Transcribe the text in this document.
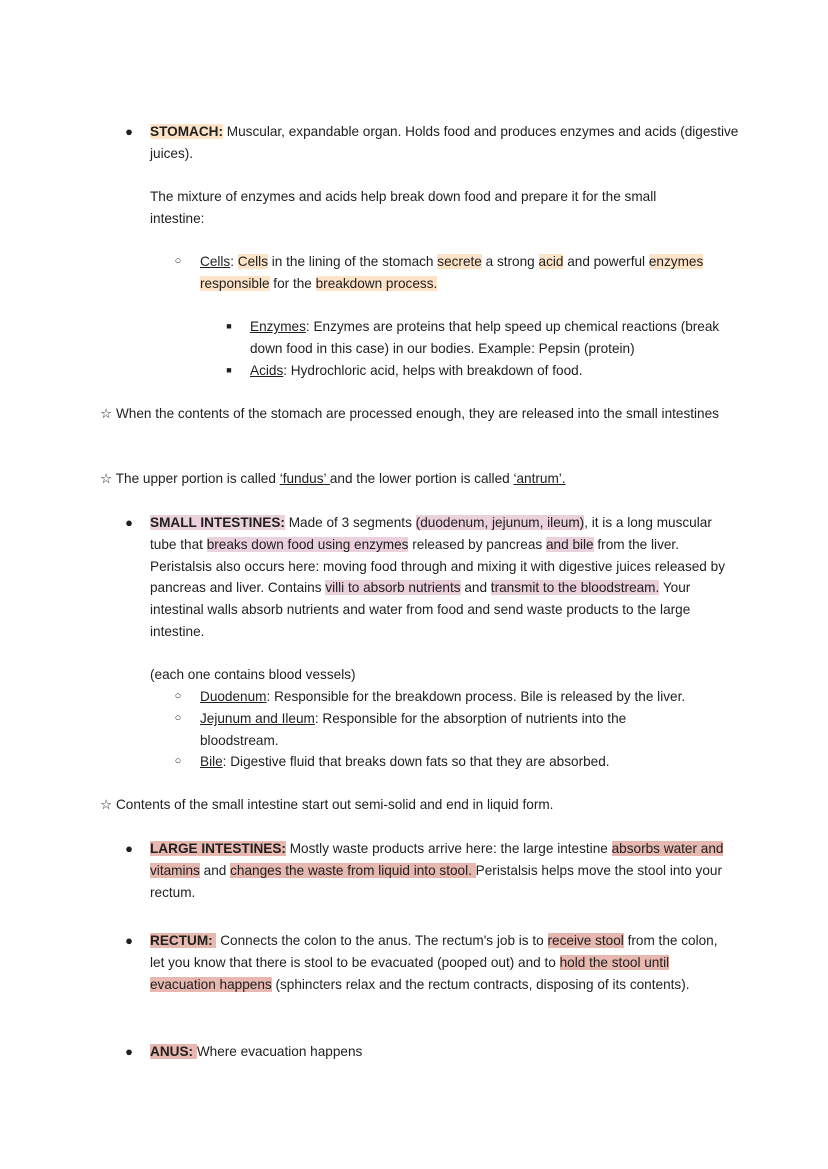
● STOMACH: Muscular, expandable organ. Holds food and produces enzymes and acids (digestive juices).

The mixture of enzymes and acids help break down food and prepare it for the small intestine:

○ Cells: Cells in the lining of the stomach secrete a strong acid and powerful enzymes responsible for the breakdown process.

■ Enzymes: Enzymes are proteins that help speed up chemical reactions (break down food in this case) in our bodies. Example: Pepsin (protein)

■ Acids: Hydrochloric acid, helps with breakdown of food.

☆ When the contents of the stomach are processed enough, they are released into the small intestines

☆ The upper portion is called ‘fundus’ and the lower portion is called ‘antrum’.

● SMALL INTESTINES: Made of 3 segments (duodenum, jejunum, ileum), it is a long muscular tube that breaks down food using enzymes released by pancreas and bile from the liver. Peristalsis also occurs here: moving food through and mixing it with digestive juices released by pancreas and liver. Contains villi to absorb nutrients and transmit to the bloodstream. Your intestinal walls absorb nutrients and water from food and send waste products to the large intestine.

(each one contains blood vessels)

○ Duodenum: Responsible for the breakdown process. Bile is released by the liver.

○ Jejunum and Ileum: Responsible for the absorption of nutrients into the bloodstream.

○ Bile: Digestive fluid that breaks down fats so that they are absorbed.

☆ Contents of the small intestine start out semi-solid and end in liquid form.

● LARGE INTESTINES: Mostly waste products arrive here: the large intestine absorbs water and vitamins and changes the waste from liquid into stool. Peristalsis helps move the stool into your rectum.

● RECTUM:  Connects the colon to the anus. The rectum's job is to receive stool from the colon, let you know that there is stool to be evacuated (pooped out) and to hold the stool until evacuation happens (sphincters relax and the rectum contracts, disposing of its contents).

● ANUS: Where evacuation happens
